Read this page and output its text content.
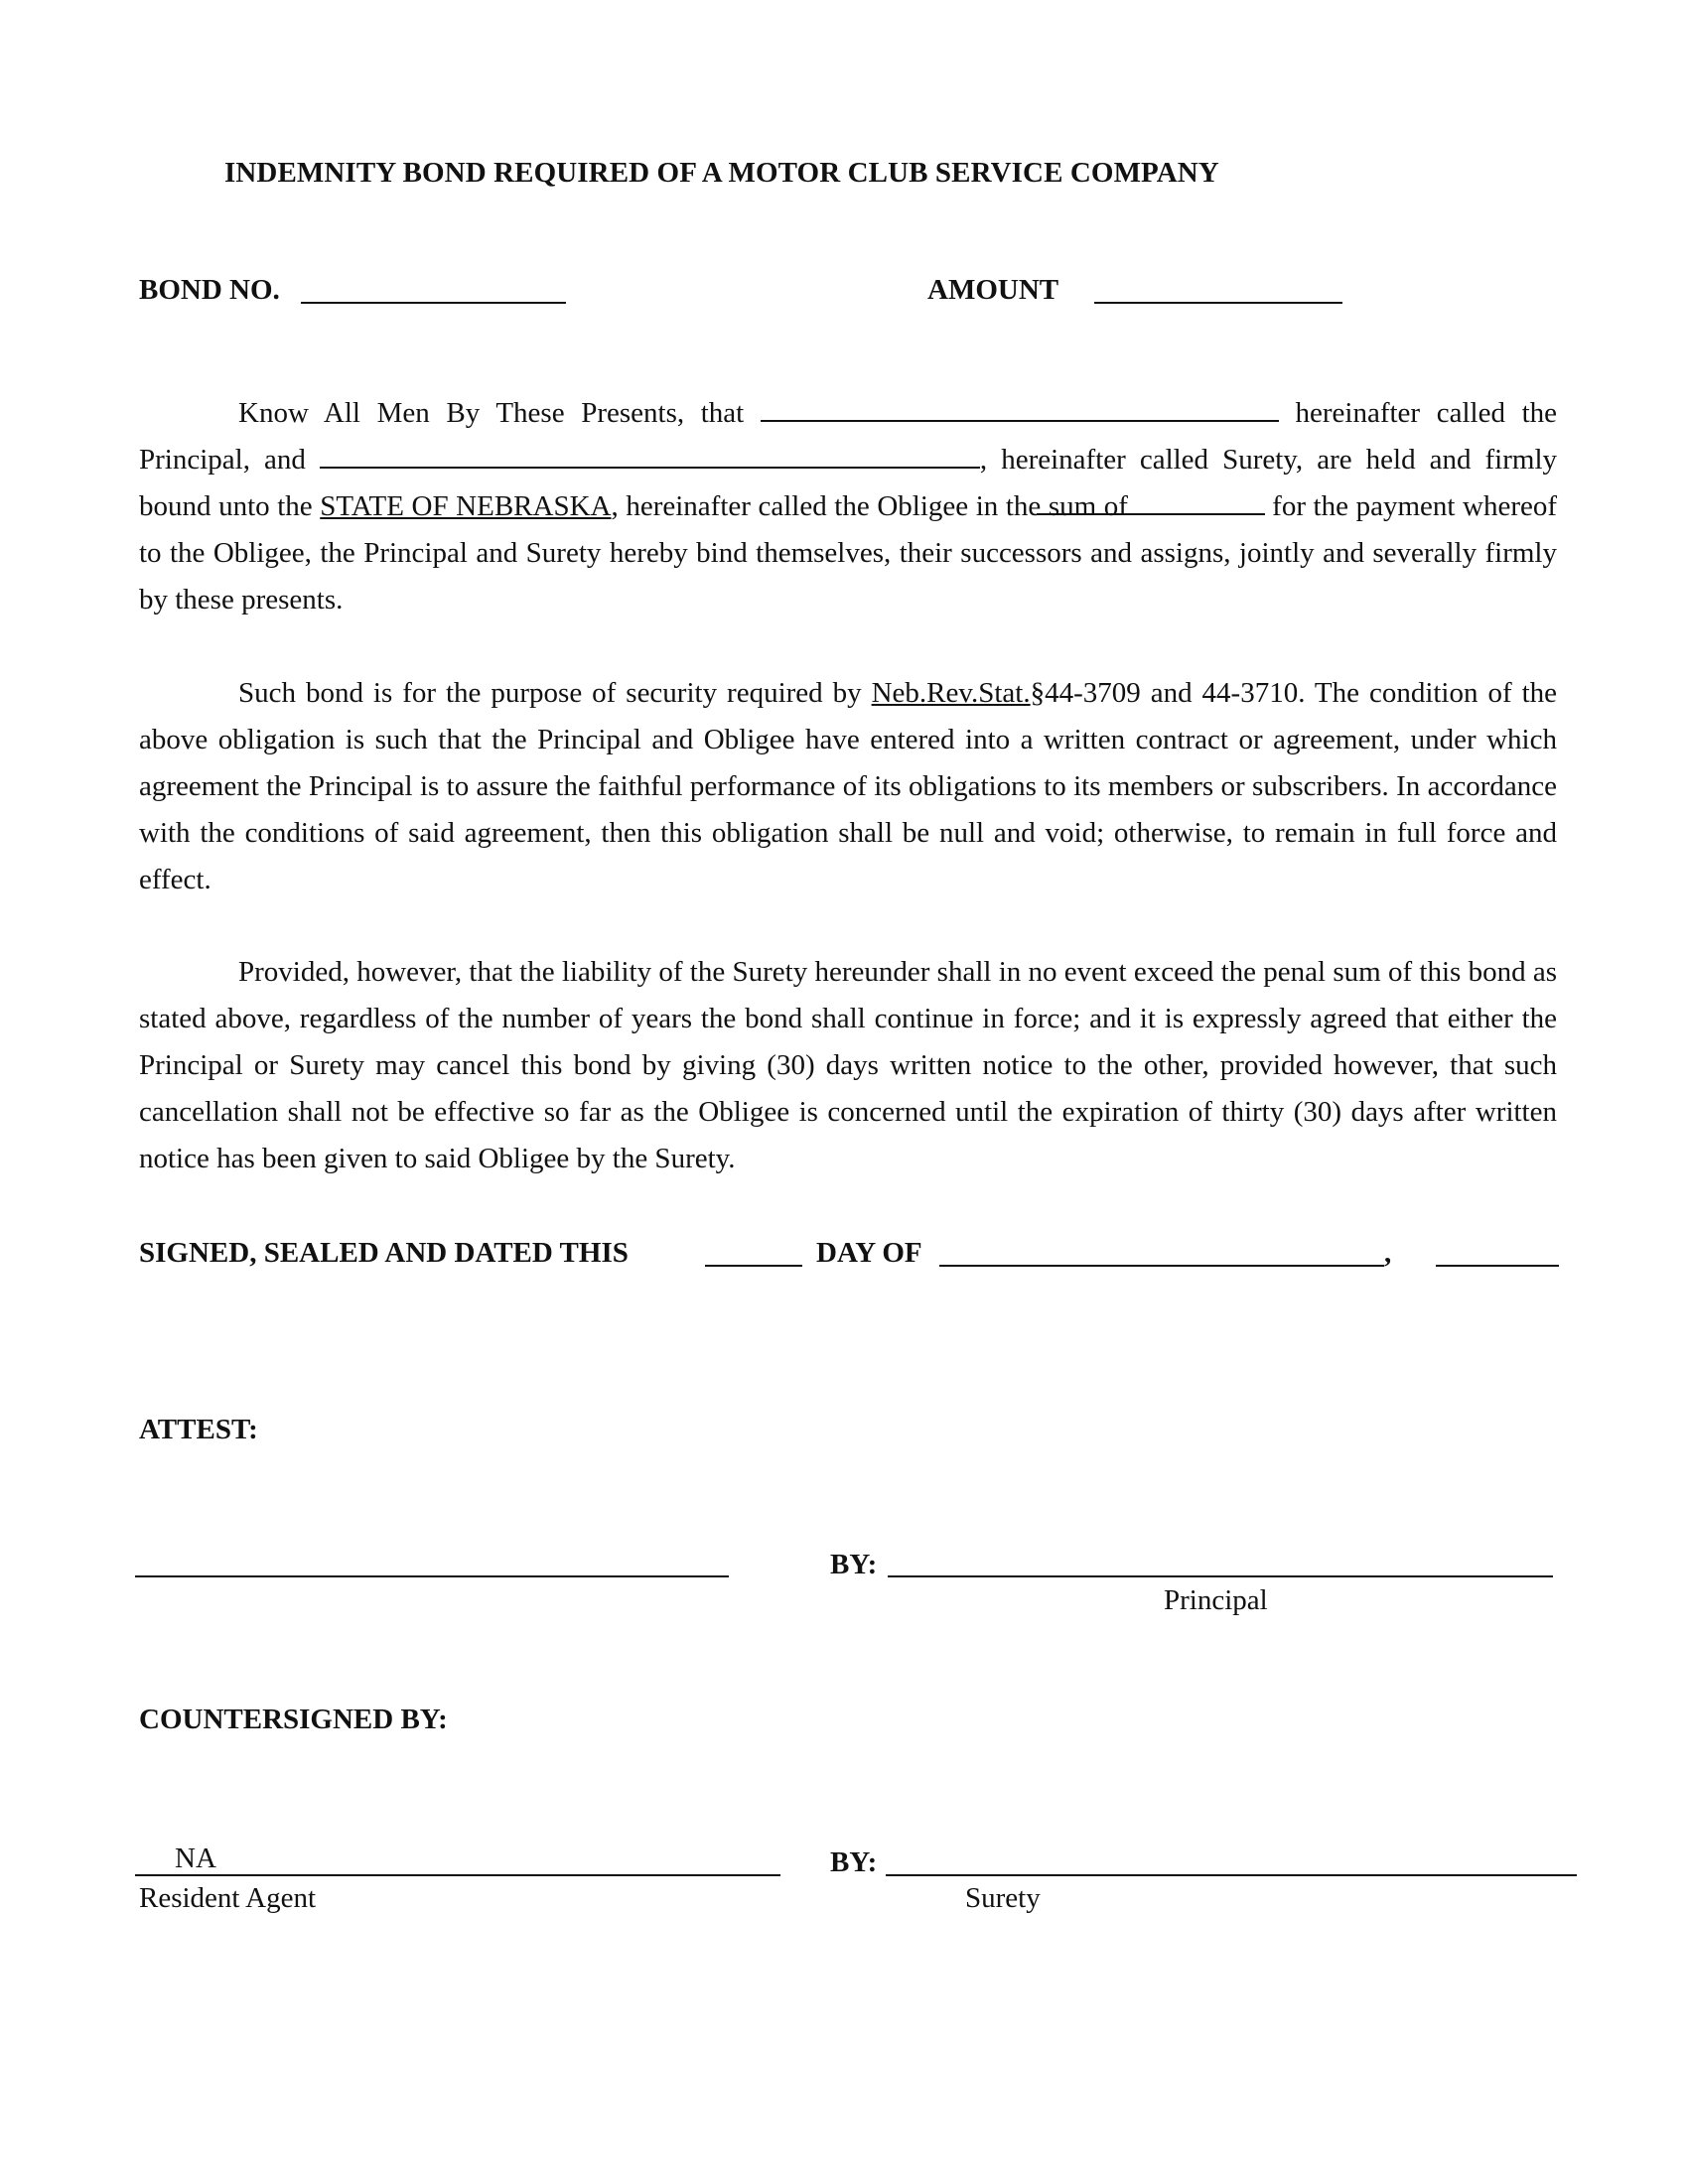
INDEMNITY BOND REQUIRED OF A MOTOR CLUB SERVICE COMPANY
BOND NO.	AMOUNT

Know All Men By These Presents, that	hereinafter called the Principal, and	, hereinafter called Surety, are held and firmly bound unto the STATE OF NEBRASKA, hereinafter called the Obligee in the sum of	for the payment whereof to the Obligee, the Principal and Surety hereby bind themselves, their successors and assigns, jointly and severally firmly by these presents.

Such bond is for the purpose of security required by Neb.Rev.Stat.§44-3709 and 44-3710. The condition of the above obligation is such that the Principal and Obligee have entered into a written contract or agreement, under which agreement the Principal is to assure the faithful performance of its obligations to its members or subscribers. In accordance with the conditions of said agreement, then this obligation shall be null and void; otherwise, to remain in full force and effect.

Provided, however, that the liability of the Surety hereunder shall in no event exceed the penal sum of this bond as stated above, regardless of the number of years the bond shall continue in force; and it is expressly agreed that either the Principal or Surety may cancel this bond by giving (30) days written notice to the other, provided however, that such cancellation shall not be effective so far as the Obligee is concerned until the expiration of thirty (30) days after written notice has been given to said Obligee by the Surety.

SIGNED, SEALED AND DATED THIS	DAY OF	,
ATTEST:
BY:
Principal
COUNTERSIGNED BY:
NA
Resident Agent
BY:
Surety
